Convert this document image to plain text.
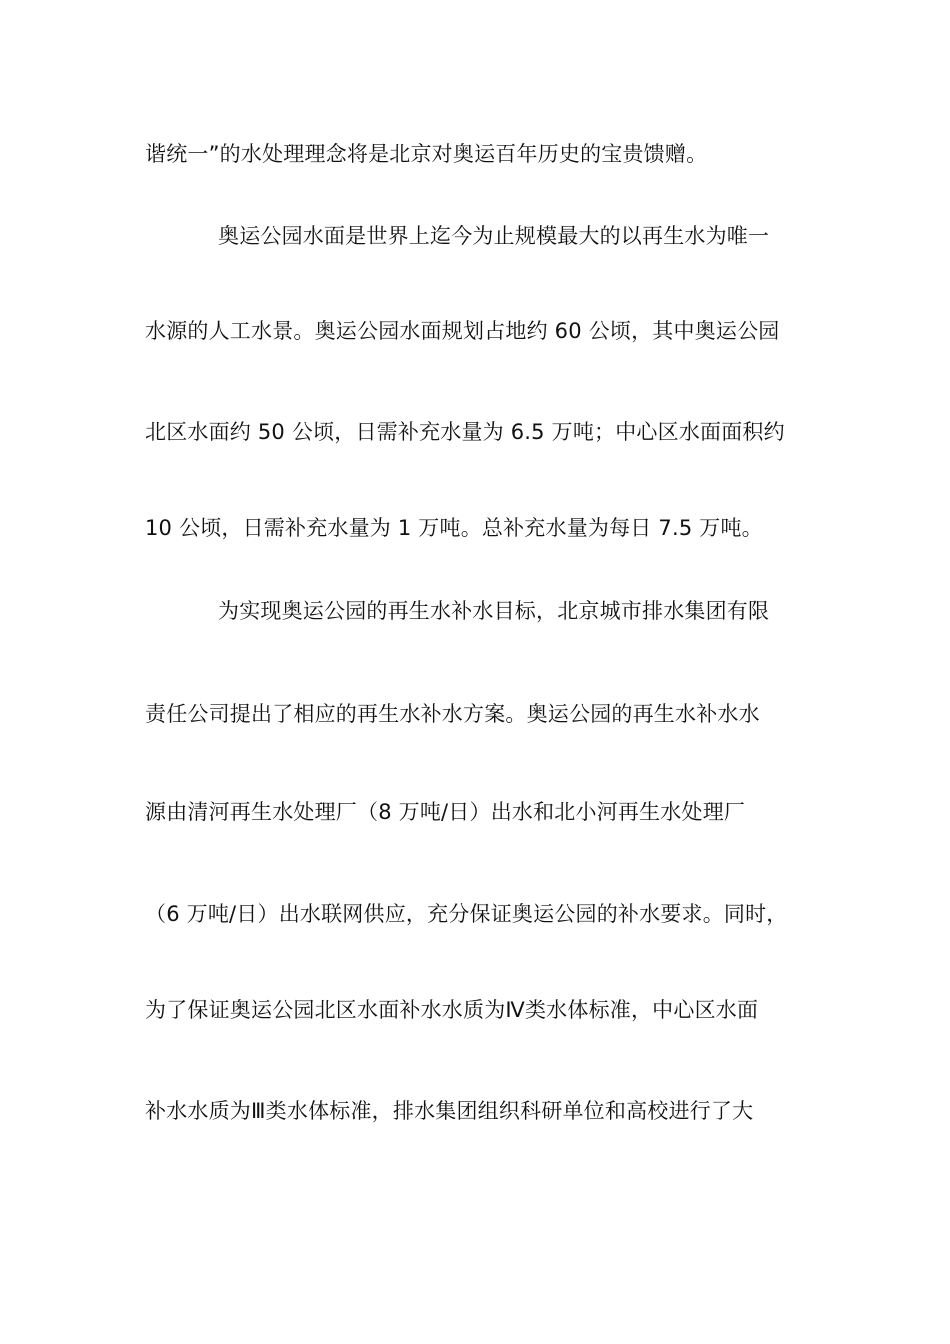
谐统一”的水处理理念将是北京对奥运百年历史的宝贵馈赠。
奥运公园水面是世界上迄今为止规模最大的以再生水为唯一
水源的人工水景。奥运公园水面规划占地约 60 公顷，其中奥运公园
北区水面约 50 公顷，日需补充水量为 6.5 万吨；中心区水面面积约
10 公顷，日需补充水量为 1 万吨。总补充水量为每日 7.5 万吨。
为实现奥运公园的再生水补水目标，北京城市排水集团有限
责任公司提出了相应的再生水补水方案。奥运公园的再生水补水水
源由清河再生水处理厂（8 万吨/日）出水和北小河再生水处理厂
（6 万吨/日）出水联网供应，充分保证奥运公园的补水要求。同时，
为了保证奥运公园北区水面补水水质为Ⅳ类水体标准，中心区水面
补水水质为Ⅲ类水体标准，排水集团组织科研单位和高校进行了大
